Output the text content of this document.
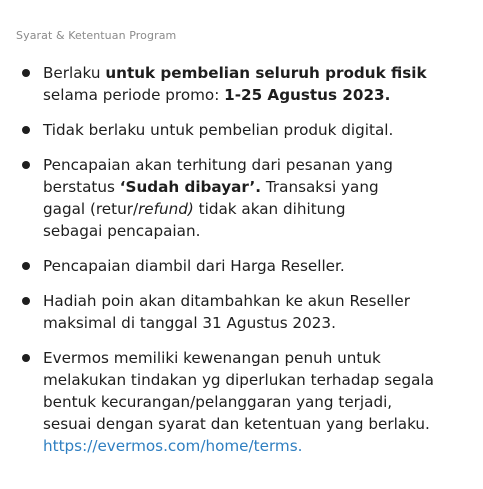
Syarat & Ketentuan Program
Berlaku untuk pembelian seluruh produk fisik
selama periode promo: 1-25 Agustus 2023.
Tidak berlaku untuk pembelian produk digital.
Pencapaian akan terhitung dari pesanan yang
berstatus ‘Sudah dibayar’. Transaksi yang
gagal (retur/refund) tidak akan dihitung
sebagai pencapaian.
Pencapaian diambil dari Harga Reseller.
Hadiah poin akan ditambahkan ke akun Reseller
maksimal di tanggal 31 Agustus 2023.
Evermos memiliki kewenangan penuh untuk
melakukan tindakan yg diperlukan terhadap segala
bentuk kecurangan/pelanggaran yang terjadi,
sesuai dengan syarat dan ketentuan yang berlaku.
https://evermos.com/home/terms.
